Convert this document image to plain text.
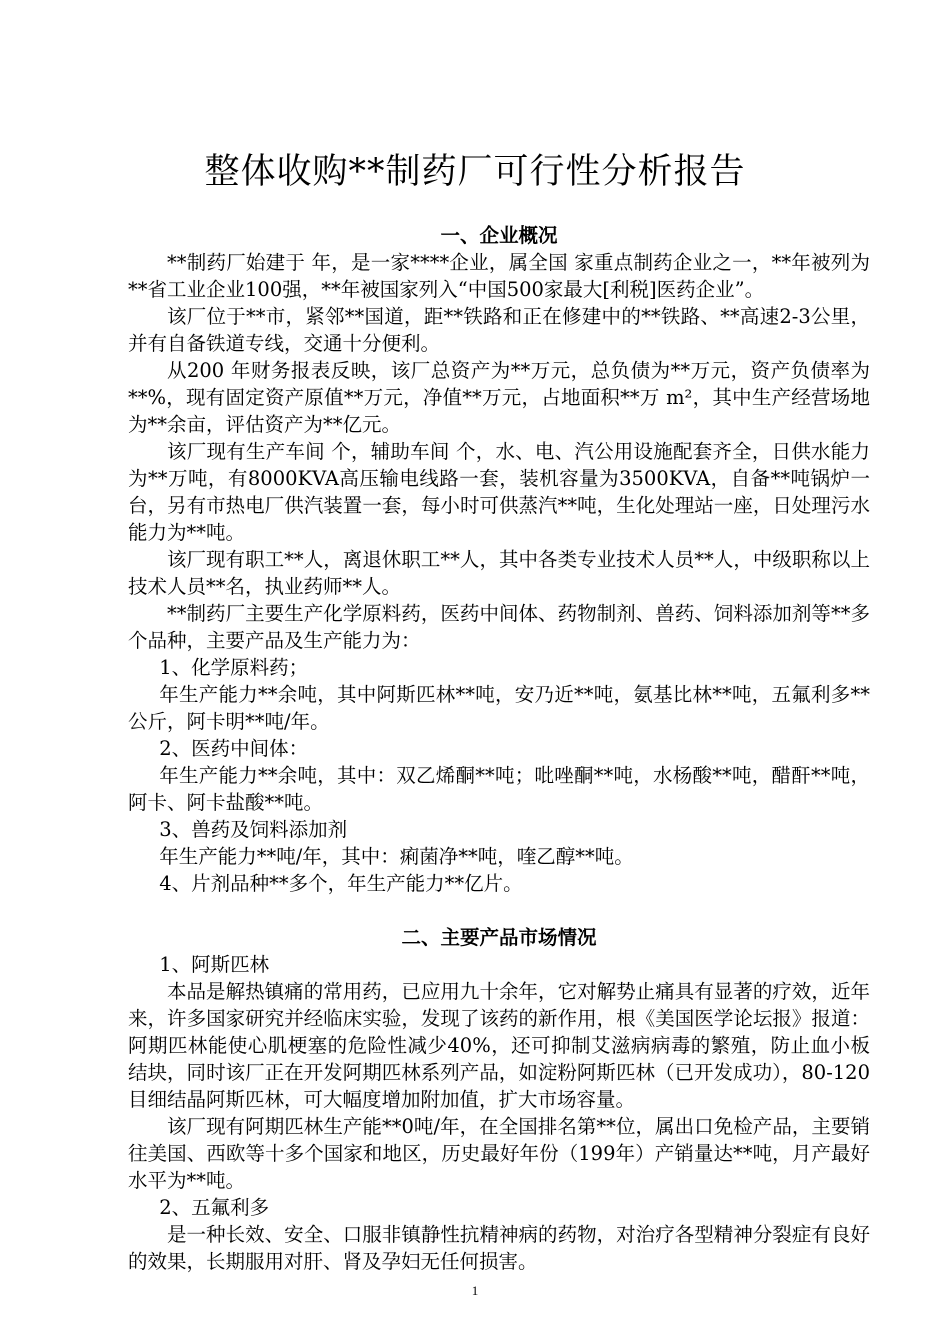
整体收购**制药厂可行性分析报告

一、企业概况

**制药厂始建于 年，是一家****企业，属全国 家重点制药企业之一，**年被列为**省工业企业100强，**年被国家列入“中国500家最大[利税]医药企业”。

该厂位于**市，紧邻**国道，距**铁路和正在修建中的**铁路、**高速2-3公里，并有自备铁道专线，交通十分便利。

从200 年财务报表反映，该厂总资产为**万元，总负债为**万元，资产负债率为**%，现有固定资产原值**万元，净值**万元，占地面积**万 m²，其中生产经营场地为**余亩，评估资产为**亿元。

该厂现有生产车间 个，辅助车间 个，水、电、汽公用设施配套齐全，日供水能力为**万吨，有8000KVA高压输电线路一套，装机容量为3500KVA，自备**吨锅炉一台，另有市热电厂供汽装置一套，每小时可供蒸汽**吨，生化处理站一座，日处理污水能力为**吨。

该厂现有职工**人，离退休职工**人，其中各类专业技术人员**人，中级职称以上技术人员**名，执业药师**人。

**制药厂主要生产化学原料药，医药中间体、药物制剂、兽药、饲料添加剂等**多个品种，主要产品及生产能力为：

1、化学原料药；

年生产能力**余吨，其中阿斯匹林**吨，安乃近**吨，氨基比林**吨，五氟利多**公斤，阿卡明**吨/年。

2、医药中间体：

年生产能力**余吨，其中：双乙烯酮**吨；吡唑酮**吨，水杨酸**吨，醋酐**吨，阿卡、阿卡盐酸**吨。

3、兽药及饲料添加剂

年生产能力**吨/年，其中：痢菌净**吨，喹乙醇**吨。

4、片剂品种**多个，年生产能力**亿片。

二、主要产品市场情况

1、阿斯匹林

本品是解热镇痛的常用药，已应用九十余年，它对解势止痛具有显著的疗效，近年来，许多国家研究并经临床实验，发现了该药的新作用，根《美国医学论坛报》报道：阿期匹林能使心肌梗塞的危险性减少40%，还可抑制艾滋病病毒的繁殖，防止血小板结块，同时该厂正在开发阿期匹林系列产品，如淀粉阿斯匹林（已开发成功），80-120目细结晶阿斯匹林，可大幅度增加附加值，扩大市场容量。

该厂现有阿期匹林生产能**0吨/年，在全国排名第**位，属出口免检产品，主要销往美国、西欧等十多个国家和地区，历史最好年份（199年）产销量达**吨，月产最好水平为**吨。

2、五氟利多

是一种长效、安全、口服非镇静性抗精神病的药物，对治疗各型精神分裂症有良好的效果，长期服用对肝、肾及孕妇无任何损害。

1
